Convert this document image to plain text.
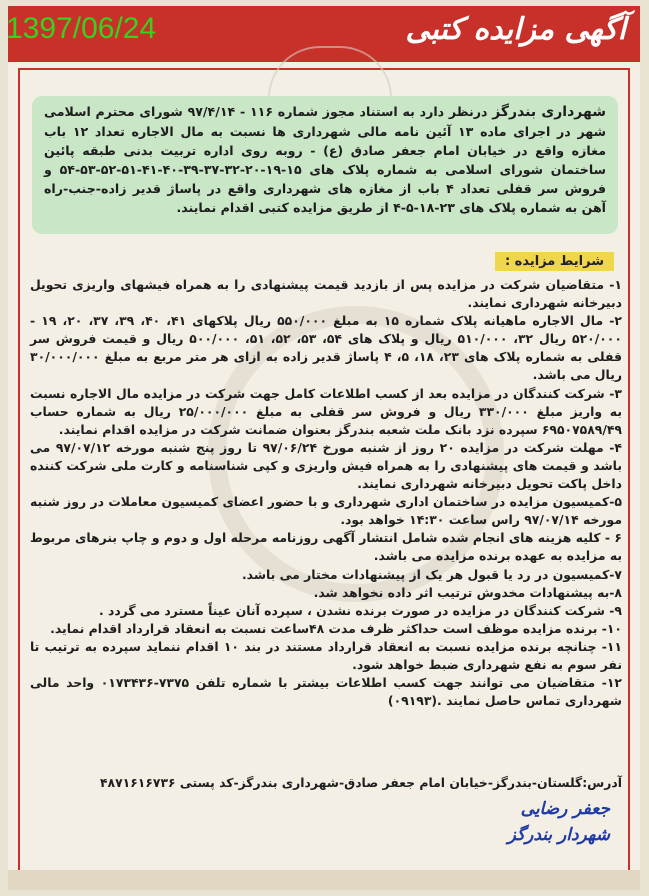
آگهی مزایده کتبی
شهرداری بندرگز درنظر دارد به استناد مجوز شماره ۱۱۶ - ۹۷/۴/۱۴ شورای محترم اسلامی شهر در اجرای ماده ۱۳ آئین نامه مالی شهرداری ها نسبت به مال الاجاره تعداد ۱۲ باب مغازه واقع در خیابان امام جعفر صادق (ع) - روبه روی اداره تربیت بدنی طبقه پائین ساختمان شورای اسلامی به شماره پلاک های ۱۵-۱۹-۲۰-۳۲-۳۷-۳۹-۴۰-۴۱-۵۱-۵۲-۵۳-۵۴ و فروش سر قفلی تعداد ۴ باب از مغازه های شهرداری واقع در پاساژ قدیر زاده-جنب-راه آهن به شماره پلاک های ۲۳-۱۸-۵-۴ از طریق مزایده کتبی اقدام نمایند.
شرایط مزایده :

۱- متقاضیان شرکت در مزایده پس از بازدید قیمت پیشنهادی را به همراه فیشهای واریزی تحویل دبیرخانه شهرداری نمایند.

۲- مال الاجاره ماهیانه پلاک شماره ۱۵ به مبلغ ۵۵۰/۰۰۰ ریال پلاکهای ۴۱، ۴۰، ۳۹، ۳۷، ۲۰، ۱۹ - ۵۲۰/۰۰۰ ریال ۳۲، ۵۱۰/۰۰۰ ریال و پلاک های ۵۴، ۵۳، ۵۲، ۵۱، ۵۰۰/۰۰۰ ریال و قیمت فروش سر قفلی به شماره پلاک های ۲۳، ۱۸، ۵، ۴ پاساژ قدیر زاده به ازای هر متر مربع به مبلغ ۳۰/۰۰۰/۰۰۰ ریال می باشد.

۳- شرکت کنندگان در مزایده بعد از کسب اطلاعات کامل جهت شرکت در مزایده مال الاجاره نسبت به واریز مبلغ ۳۳۰/۰۰۰ ریال و فروش سر قفلی به مبلغ ۲۵/۰۰۰/۰۰۰ ریال به شماره حساب ۶۹۵۰۷۵۸۹/۴۹ سپرده نزد بانک ملت شعبه بندرگز بعنوان ضمانت شرکت در مزایده اقدام نمایند.

۴- مهلت شرکت در مزایده ۲۰ روز از شنبه مورخ ۹۷/۰۶/۲۴ تا روز پنج شنبه مورخه ۹۷/۰۷/۱۲ می باشد و قیمت های پیشنهادی را به همراه فیش واریزی و کپی شناسنامه و کارت ملی شرکت کننده داخل پاکت تحویل دبیرخانه شهرداری نمایند.

۵-کمیسیون مزایده در ساختمان اداری شهرداری و با حضور اعضای کمیسیون معاملات در روز شنبه مورخه ۹۷/۰۷/۱۴ راس ساعت ۱۴:۳۰ خواهد بود.

۶ - کلیه هزینه های انجام شده شامل انتشار آگهی روزنامه مرحله اول و دوم و چاپ بنرهای مربوط به مزایده به عهده برنده مزایده می باشد.

۷-کمیسیون در رد یا قبول هر یک از پیشنهادات مختار می باشد.

۸-به پیشنهادات مخدوش ترتیب اثر داده نخواهد شد.

۹- شرکت کنندگان در مزایده در صورت برنده نشدن ، سپرده آنان عیناً مسترد می گردد .

۱۰- برنده مزایده موظف است حداکثر ظرف مدت ۴۸ساعت نسبت به انعقاد قرارداد اقدام نماید.

۱۱- چنانچه برنده مزایده نسبت به انعقاد قرارداد مستند در بند ۱۰ اقدام ننماید سپرده به ترتیب تا نفر سوم به نفع شهرداری ضبط خواهد شود.

۱۲- متقاضیان می توانند جهت کسب اطلاعات بیشتر با شماره تلفن ۷۳۷۵-۰۱۷۳۴۳۶ واحد مالی شهرداری تماس حاصل نمایند .(۰۹۱۹۳)

آدرس:گلستان-بندرگز-خیابان امام جعفر صادق-شهرداری بندرگز-کد پستی ۴۸۷۱۶۱۶۷۳۶
جعفر رضایی
شهردار بندرگز
1397/06/24
